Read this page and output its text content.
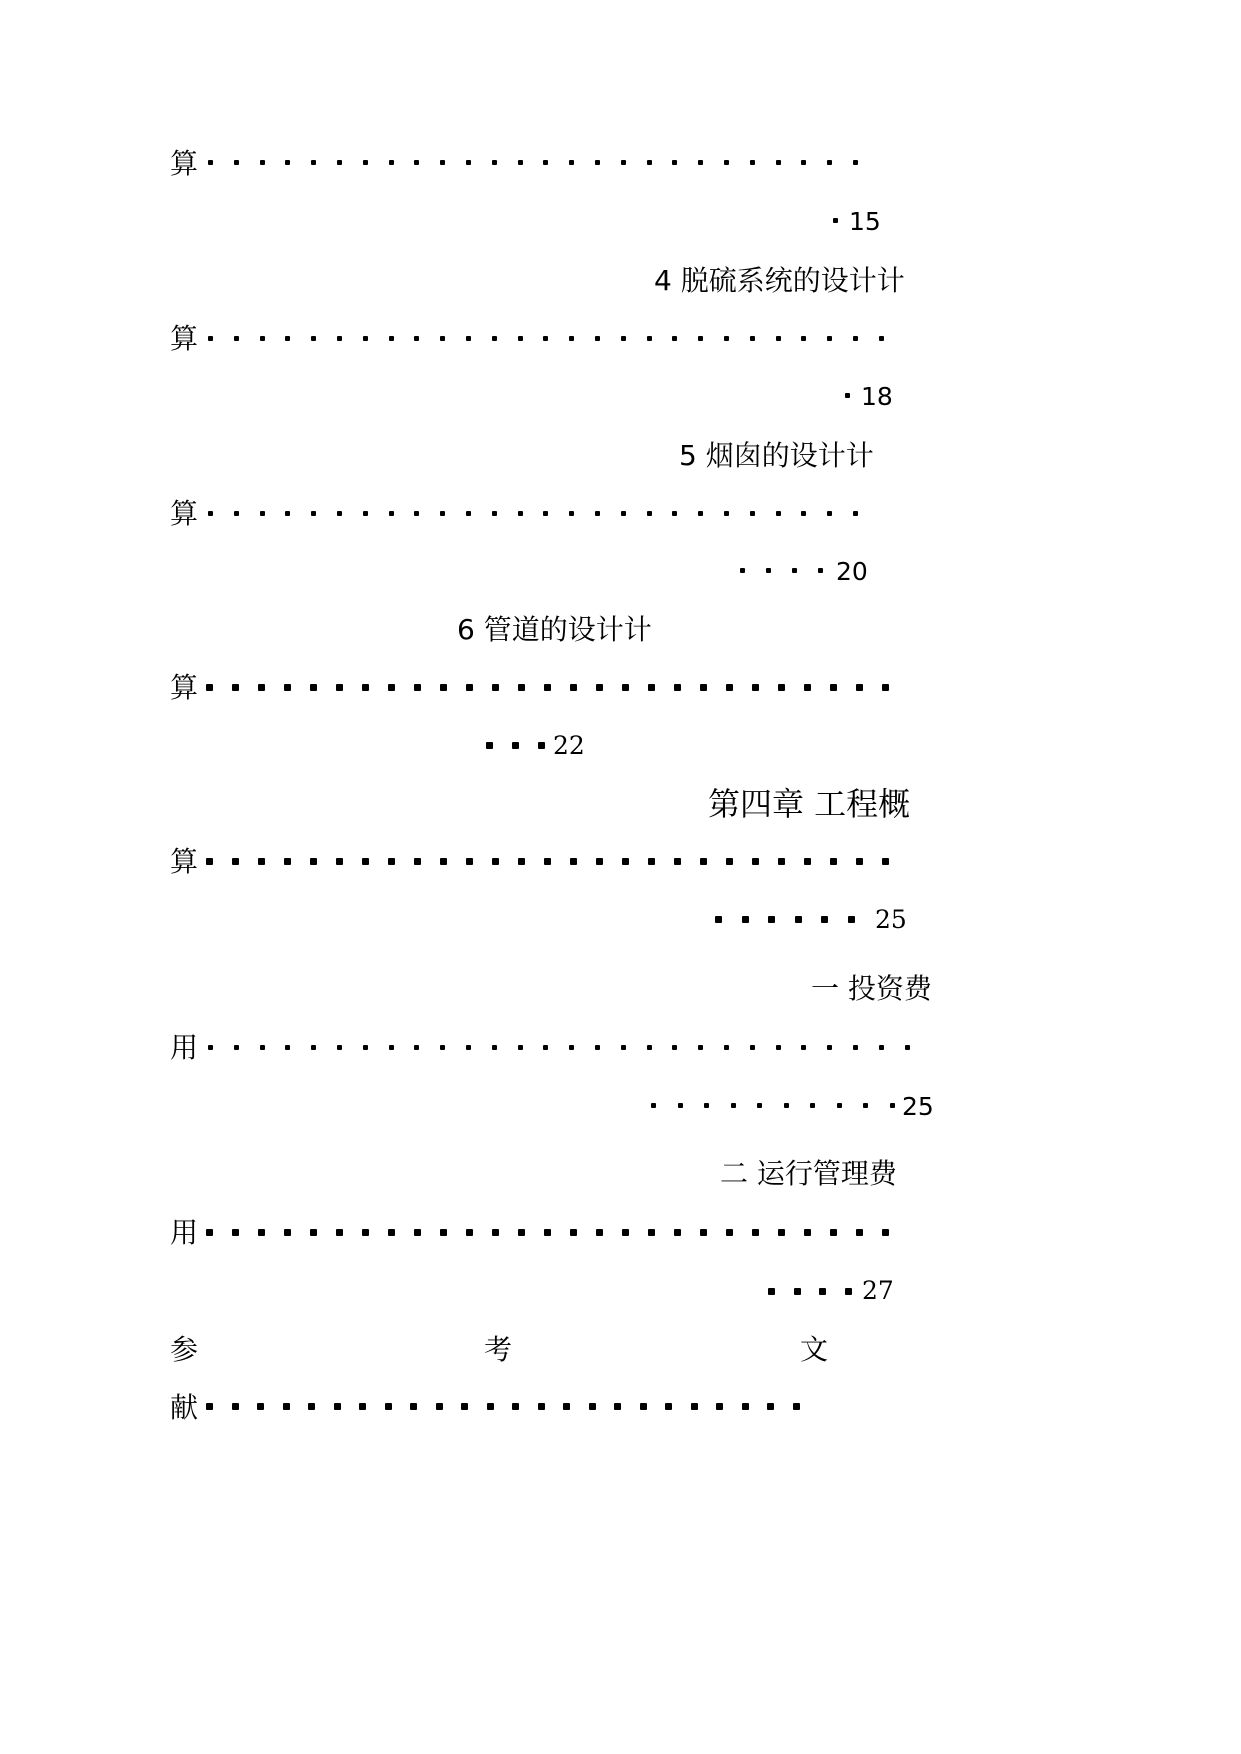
算
15
4 脱硫系统的设计计
算
18
5 烟囱的设计计
算
20
6 管道的设计计
算
22
第四章 工程概
算
25
一 投资费
用
25
二 运行管理费
用
27
参	考	文
献
